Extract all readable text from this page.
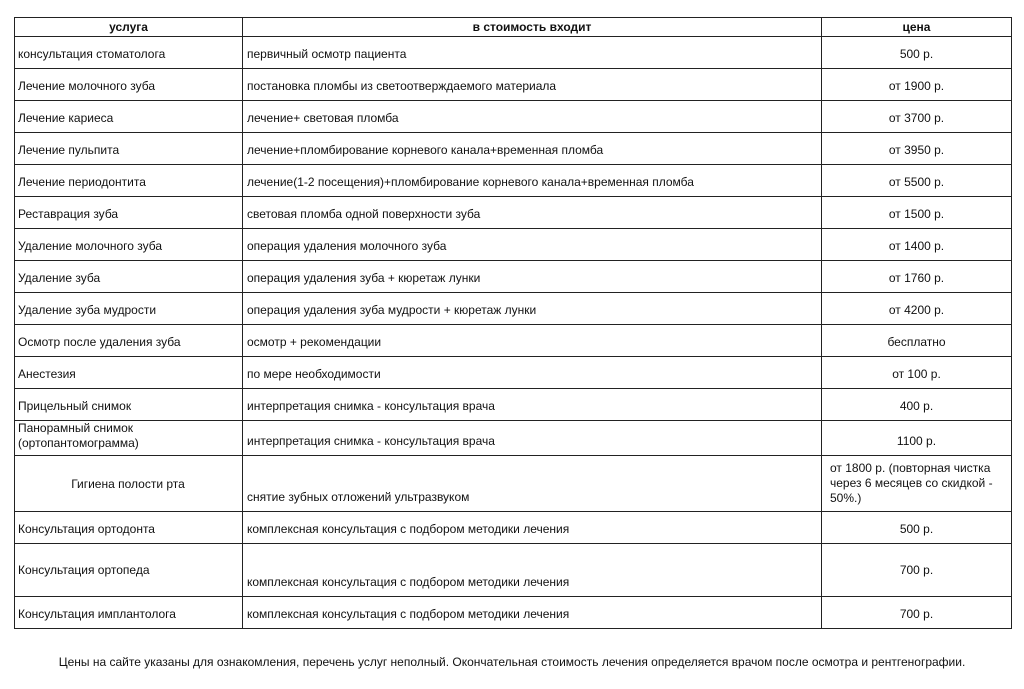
услуга	в стоимость входит	цена
консультация стоматолога	первичный осмотр пациента	500 р.
Лечение молочного зуба	постановка пломбы из светоотверждаемого материала	от 1900 р.
Лечение кариеса	лечение+ световая пломба	от 3700 р.
Лечение пульпита	лечение+пломбирование корневого канала+временная пломба	от 3950 р.
Лечение периодонтита	лечение(1-2 посещения)+пломбирование корневого канала+временная пломба	от 5500 р.
Реставрация зуба	световая пломба одной поверхности зуба	от 1500 р.
Удаление молочного зуба	операция удаления молочного зуба	от 1400 р.
Удаление зуба	операция удаления зуба + кюретаж лунки	от 1760 р.
Удаление зуба мудрости	операция удаления зуба мудрости + кюретаж лунки	от 4200 р.
Осмотр после удаления зуба	осмотр + рекомендации	бесплатно
Анестезия	по мере необходимости	от 100 р.
Прицельный снимок	интерпретация снимка - консультация врача	400 р.
Панорамный снимок (ортопантомограмма)	интерпретация снимка - консультация врача	1100 р.
Гигиена полости рта	снятие зубных отложений ультразвуком	от 1800 р. (повторная чистка через 6 месяцев со скидкой - 50%.)
Консультация ортодонта	комплексная консультация с подбором методики лечения	500 р.
Консультация ортопеда	комплексная консультация с подбором методики лечения	700 р.
Консультация имплантолога	комплексная консультация с подбором методики лечения	700 р.
Цены на сайте указаны для ознакомления, перечень услуг неполный. Окончательная стоимость лечения определяется врачом после осмотра и рентгенографии.
